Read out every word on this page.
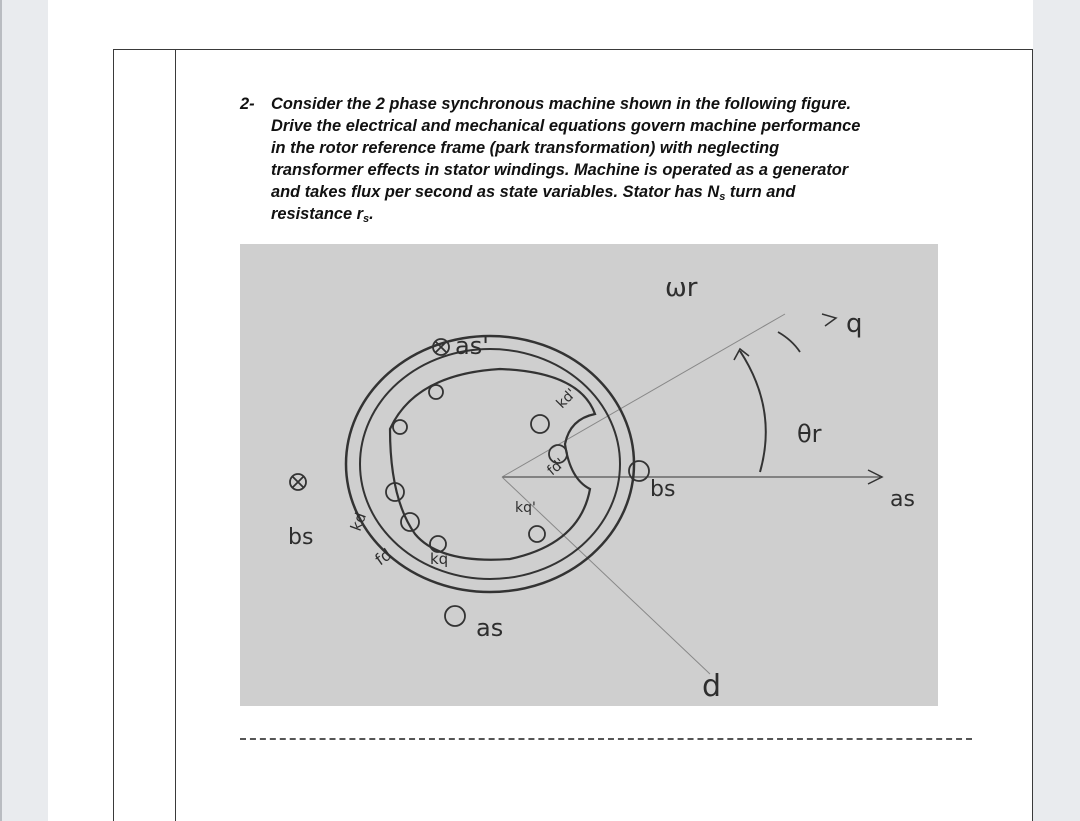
2- Consider the 2 phase synchronous machine shown in the following figure.
Drive the electrical and mechanical equations govern machine performance
in the rotor reference frame (park transformation) with neglecting
transformer effects in stator windings. Machine is operated as a generator
and takes flux per second as state variables. Stator has $N_s$ turn and
resistance $r_s$.
ωr
q
as'
θr
as
bs
bs
as
d
kd
kq
fd
kd'
kq'
fd'
